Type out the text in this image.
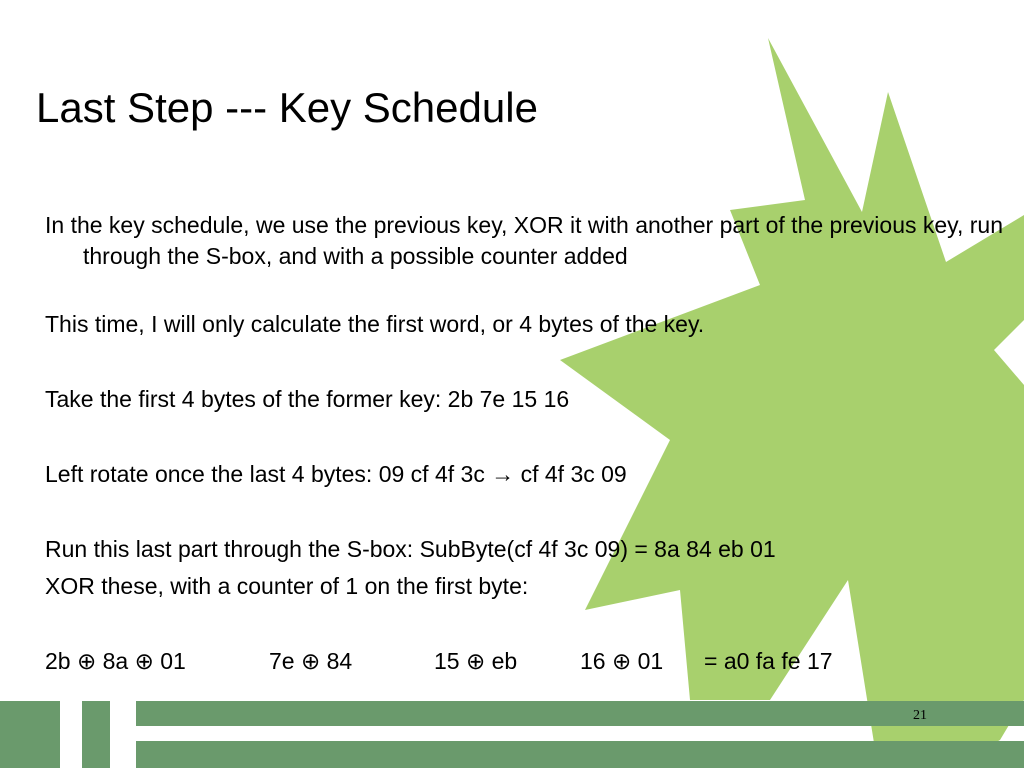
Last Step --- Key Schedule

In the key schedule, we use the previous key, XOR it with another part of the previous key, run through the S-box, and with a possible counter added

This time, I will only calculate the first word, or 4 bytes of the key.

Take the first 4 bytes of the former key: 2b 7e 15 16

Left rotate once the last 4 bytes: 09 cf 4f 3c → cf 4f 3c 09

Run this last part through the S-box: SubByte(cf 4f 3c 09) = 8a 84 eb 01

XOR these, with a counter of 1 on the first byte:

2b ⊕ 8a ⊕ 01	7e ⊕ 84	15 ⊕ eb	16 ⊕ 01 = a0 fa fe 17
21
